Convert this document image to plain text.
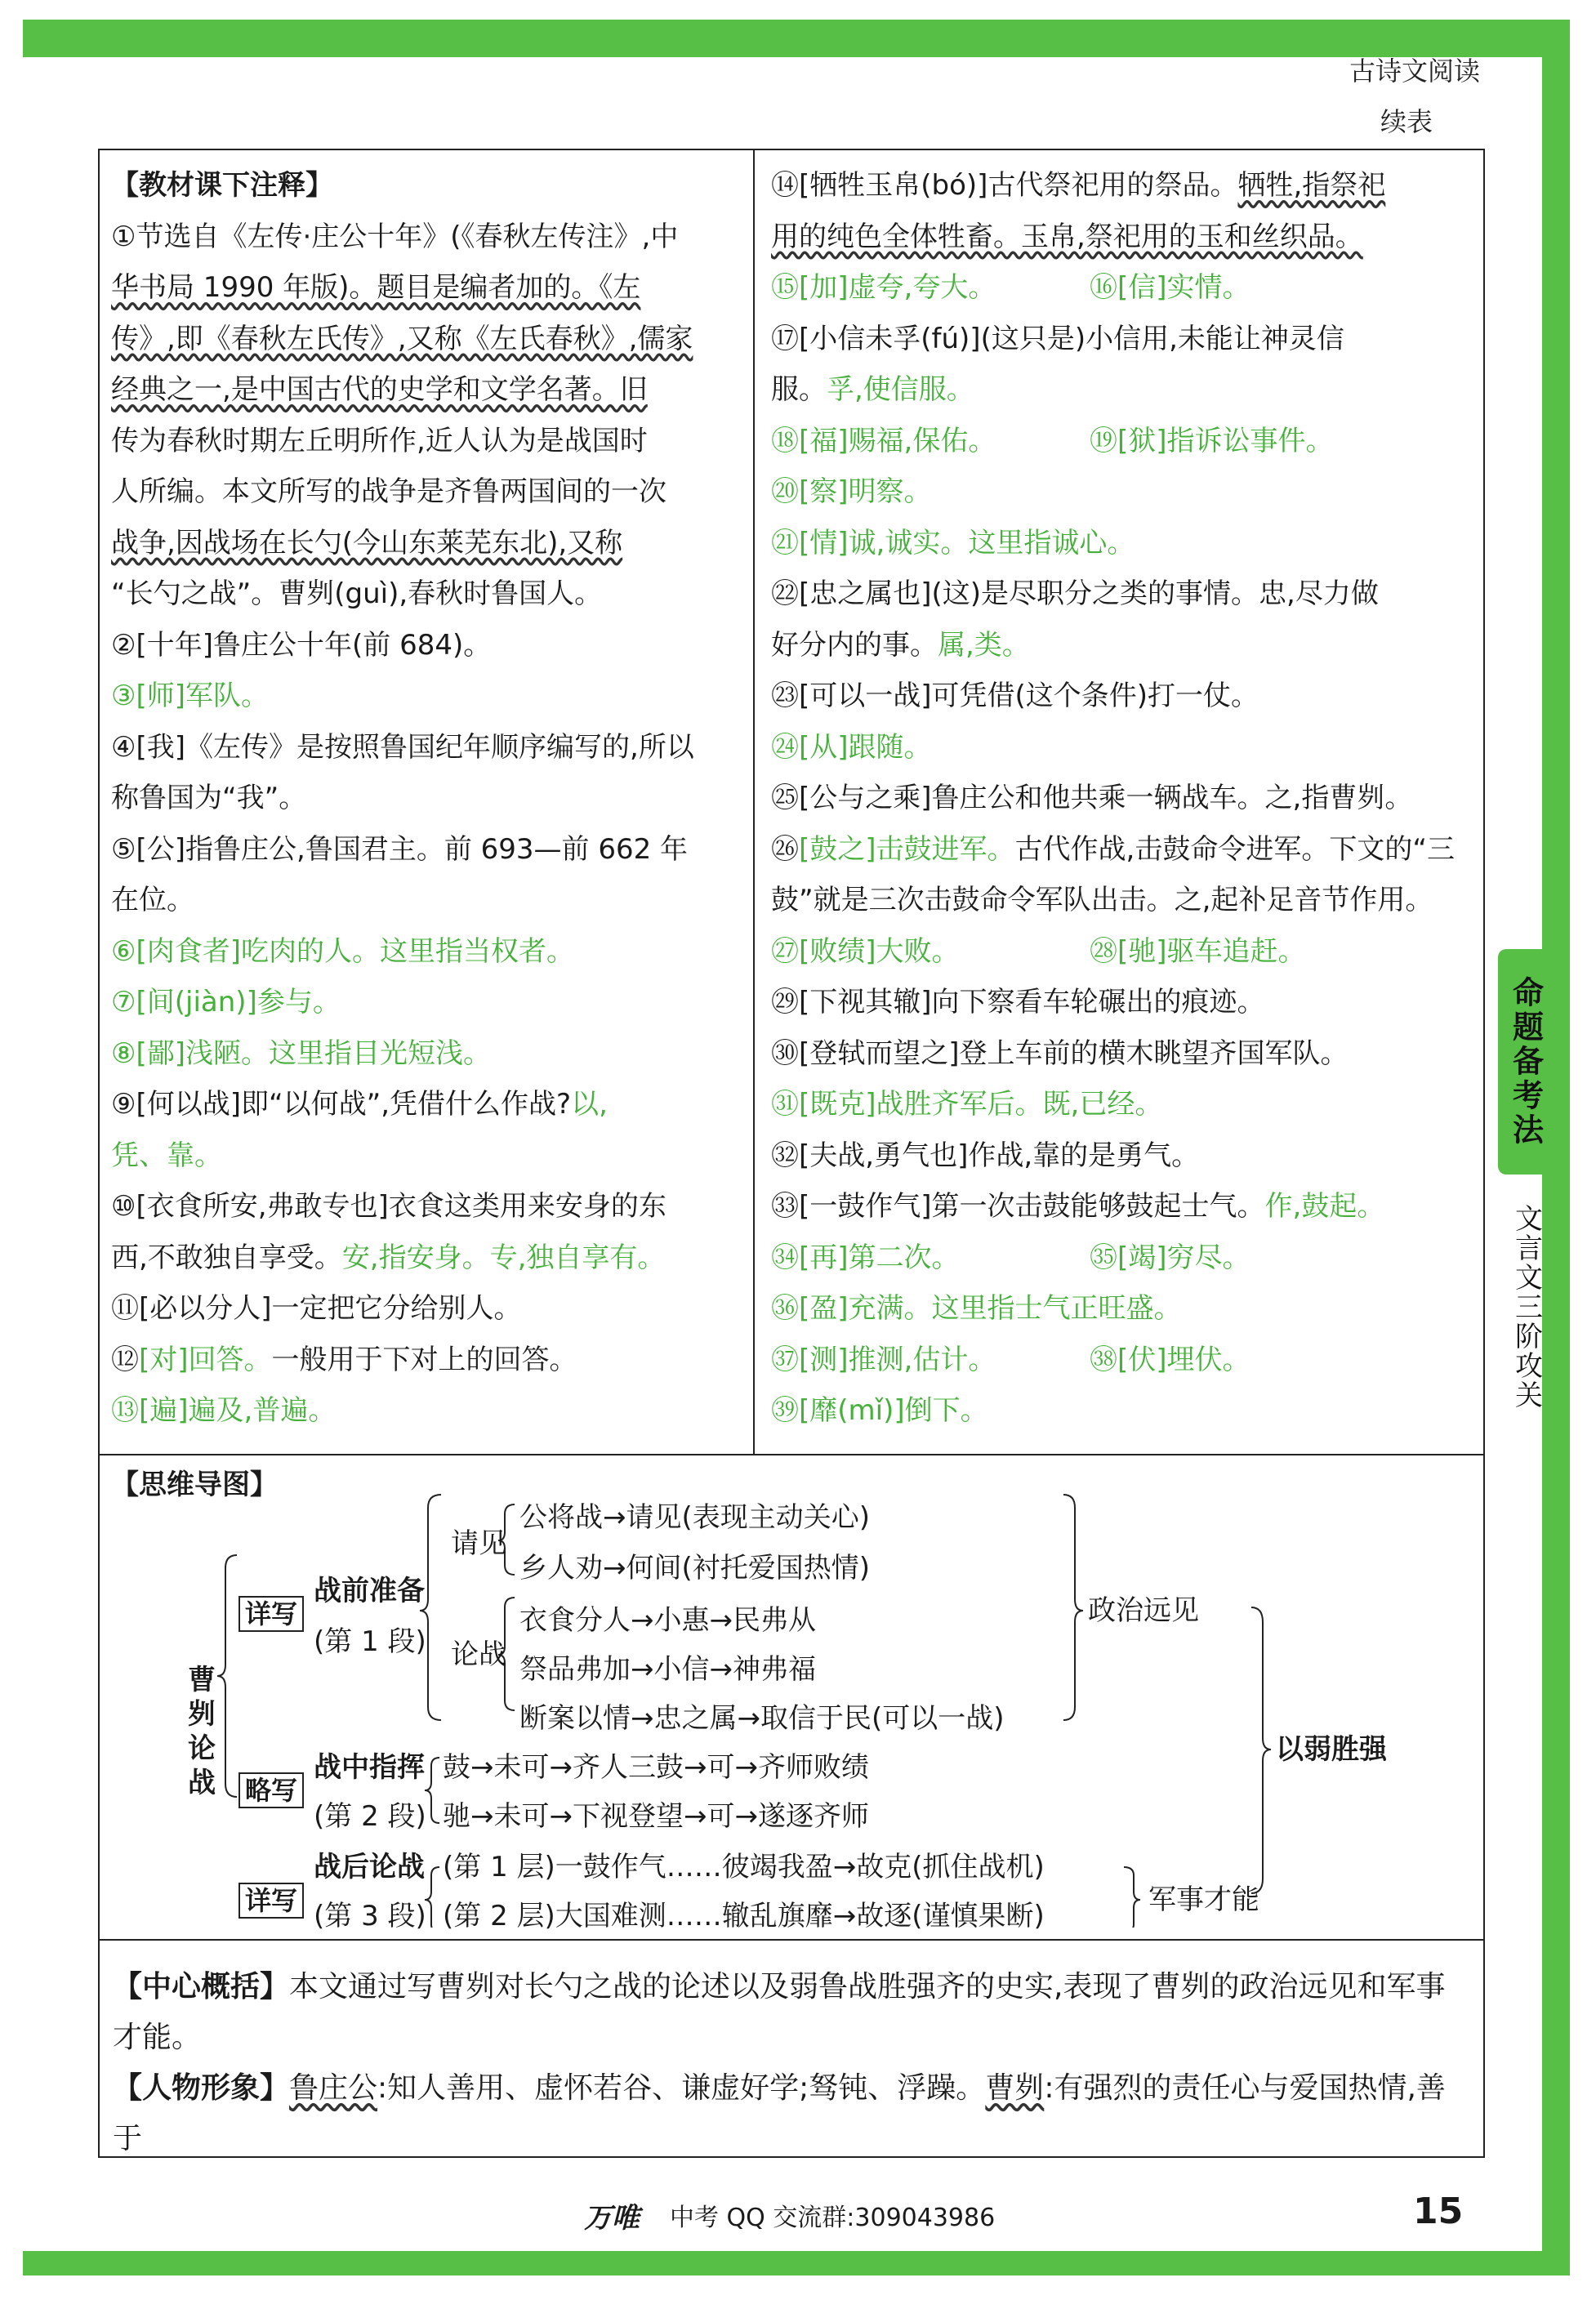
古诗文阅读
续表
命题备考法
文言文三阶攻关

【教材课下注释】

①节选自《左传·庄公十年》(《春秋左传注》,中
华书局 1990 年版)。题目是编者加的。《左
传》,即《春秋左氏传》,又称《左氏春秋》,儒家
经典之一,是中国古代的史学和文学名著。旧
传为春秋时期左丘明所作,近人认为是战国时
人所编。本文所写的战争是齐鲁两国间的一次
战争,因战场在长勺(今山东莱芜东北),又称
“长勺之战”。曹刿(guì),春秋时鲁国人。

②[十年]鲁庄公十年(前 684)。

③[师]军队。

④[我]《左传》是按照鲁国纪年顺序编写的,所以
称鲁国为“我”。

⑤[公]指鲁庄公,鲁国君主。前 693—前 662 年
在位。

⑥[肉食者]吃肉的人。这里指当权者。

⑦[间(jiàn)]参与。

⑧[鄙]浅陋。这里指目光短浅。

⑨[何以战]即“以何战”,凭借什么作战?以,
凭、靠。

⑩[衣食所安,弗敢专也]衣食这类用来安身的东
西,不敢独自享受。安,指安身。专,独自享有。

⑪[必以分人]一定把它分给别人。

⑫[对]回答。一般用于下对上的回答。

⑬[遍]遍及,普遍。

⑭[牺牲玉帛(bó)]古代祭祀用的祭品。牺牲,指祭祀
用的纯色全体牲畜。玉帛,祭祀用的玉和丝织品。

⑮[加]虚夸,夸大。	⑯[信]实情。

⑰[小信未孚(fú)](这只是)小信用,未能让神灵信
服。孚,使信服。

⑱[福]赐福,保佑。	⑲[狱]指诉讼事件。

⑳[察]明察。

㉑[情]诚,诚实。这里指诚心。

㉒[忠之属也](这)是尽职分之类的事情。忠,尽力做
好分内的事。属,类。

㉓[可以一战]可凭借(这个条件)打一仗。

㉔[从]跟随。

㉕[公与之乘]鲁庄公和他共乘一辆战车。之,指曹刿。

㉖[鼓之]击鼓进军。古代作战,击鼓命令进军。下文的“三
鼓”就是三次击鼓命令军队出击。之,起补足音节作用。

㉗[败绩]大败。	㉘[驰]驱车追赶。

㉙[下视其辙]向下察看车轮碾出的痕迹。

㉚[登轼而望之]登上车前的横木眺望齐国军队。

㉛[既克]战胜齐军后。既,已经。

㉜[夫战,勇气也]作战,靠的是勇气。

㉝[一鼓作气]第一次击鼓能够鼓起士气。作,鼓起。

㉞[再]第二次。	㉟[竭]穷尽。

㊱[盈]充满。这里指士气正旺盛。

㊲[测]推测,估计。	㊳[伏]埋伏。

㊴[靡(mǐ)]倒下。

【思维导图】
曹刿论战
详写
略写
详写
战前准备
(第 1 段)
请见
公将战→请见(表现主动关心)
乡人劝→何间(衬托爱国热情)
论战
衣食分人→小惠→民弗从
祭品弗加→小信→神弗福
断案以情→忠之属→取信于民(可以一战)
政治远见
战中指挥
(第 2 段)
鼓→未可→齐人三鼓→可→齐师败绩
驰→未可→下视登望→可→遂逐齐师
战后论战
(第 3 段)
(第 1 层)一鼓作气……彼竭我盈→故克(抓住战机)
(第 2 层)大国难测……辙乱旗靡→故逐(谨慎果断)	军事才能
以弱胜强
【中心概括】本文通过写曹刿对长勺之战的论述以及弱鲁战胜强齐的史实,表现了曹刿的政治远见和军事
才能。
【人物形象】鲁庄公:知人善用、虚怀若谷、谦虚好学;驽钝、浮躁。曹刿:有强烈的责任心与爱国热情,善于
万唯 中考 QQ 交流群:309043986	15
